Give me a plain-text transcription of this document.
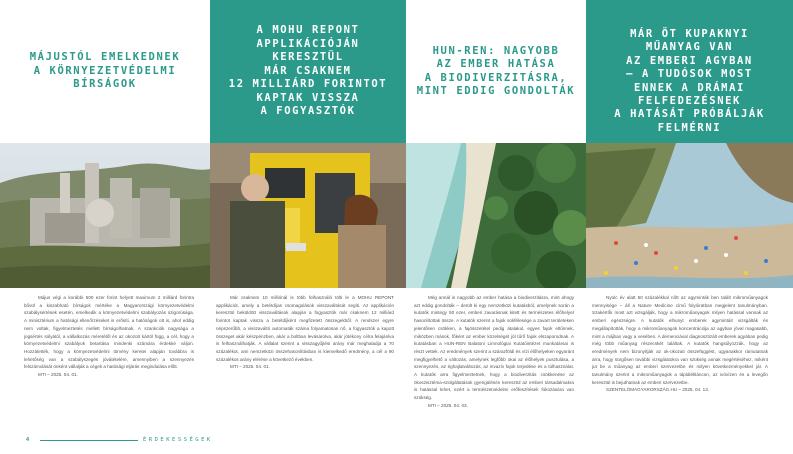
MÁJUSTÓL EMELKEDNEK
A KÖRNYEZETVÉDELMI
BÍRSÁGOK
A MOHU REPONT
APPLIKÁCIÓJÁN KERESZTÜL
MÁR CSAKNEM
12 MILLIÁRD FORINTOT
KAPTAK VISSZA
A FOGYASZTÓK
HUN-REN: NAGYOBB
AZ EMBER HATÁSA
A BIODIVERZITÁSRA,
MINT EDDIG GONDOLTÁK
MÁR ÖT KUPAKNYI
MŰANYAG VAN
AZ EMBERI AGYBAN
– A TUDÓSOK MOST
ENNEK A DRÁMAI
FELFEDEZÉSNEK
A HATÁSÁT PRÓBÁLJÁK
FELMÉRNI
D·T·K·H

Május végi a korábbi 500 ezer forint helyett maximum 2 milliárd forintra bővül a kiszabható bírságok mértéke a Magyarországi környezetvédelmi szabálysértések esetén, emelkedik a környezetvédelmi szabályozás szigorúsága. A minisztérium a hatósági ellenőrzéseket is erősíti, a hatóságok ott is, ahol eddig nem voltak, figyelmeztetés mellett bírságolhatnak. A szankciók nagysága a jogsértés súlyától, a vállalkozás méretétől és az okozott kártól függ, a cél, hogy a környezetvédelmi szabályok betartása mindenki számára érdekké váljon. Hozzátették, hogy a környezetvédelmi törvény keretei alapján továbbra is lehetőség van a szabályszegés jóvátételére, amennyiben a szennyezés felszámolását önként vállalják a cégek a hatósági eljárás megindulása előtt.

MTI – 2025. 04. 01.

Már csaknem 10 milliónál is több felhasználó tölti le a MOHU REPONT applikációt, amely a betétdíjas csomagolások visszaváltását segíti. Az applikáción keresztül beküldött visszaváltások alapján a fogyasztók már csaknem 12 milliárd forintot kaptak vissza a betétdíjként megfizetett összegekből. A rendszer egyre népszerűbb, a visszaváltó automaták száma folyamatosan nő, a fogyasztók a kapott összeget akár készpénzben, akár a boltban levásárolva, akár jótékony célra felajánlva is felhasználhatják. A vállalat szerint a visszagyűjtési arány már meghaladja a 70 százalékot, ami nemzetközi összehasonlításban is kiemelkedő eredmény, a cél a 90 százalékos arány elérése a következő években.

MTI – 2025. 04. 01.

Még annál is nagyobb az ember hatása a biodiverzitásra, mint ahogy azt eddig gondolták – derült ki egy nemzetközi kutatásból, amelynek során a kutatók mintegy 50 ezer, emberi zavarásnak kitett és természetes élőhelyet hasonlítottak össze. A kutatók szerint a fajok sokfélesége a zavart területeken jelentősen csökken, a fajösszetétel pedig átalakul, egyes fajok eltűnnek, miközben mások, főként az ember közelségét jól tűrő fajok elszaporodnak. A kutatásban a HUN-REN Balatoni Limnológiai Kutatóintézet munkatársai is részt vettek. Az eredmények szerint a szárazföldi és vízi élőhelyeken egyaránt megfigyelhető a változás, amelynek legfőbb okai az élőhelyek pusztulása, a szennyezés, az éghajlatváltozás, az invazív fajok terjedése és a túlhasználat. A kutatók arra figyelmeztetnek, hogy a biodiverzitás csökkenése az ökoszisztéma-szolgáltatások gyengülésén keresztül az emberi társadalmakra is hatással lehet, ezért a természetvédelmi erőfeszítések fokozására van szükség.

MTI – 2025. 04. 03.

Nyolc év alatt 50 százalékkal nőtt az agyminták ben talált mikroműanyagok mennyisége – áll a Nature Medicine című folyóiratban megjelent tanulmányban. Szakértők most azt vizsgálják, hogy a mikroműanyagok milyen hatással vannak az emberi egészségre. A kutatók elhunyt emberek agymintáit vizsgálták és megállapították, hogy a mikroműanyagok koncentrációja az agyban jóval magasabb, mint a májban vagy a vesében. A demenciával diagnosztizált emberek agyában pedig még több műanyag részecskét találtak. A kutatók hangsúlyozzák, hogy az eredmények nem bizonyítják az ok-okozati összefüggést, ugyanakkor rámutatnak arra, hogy sürgősen további vizsgálatokra van szükség annak megértéséhez, miként jut be a műanyag az emberi szervezetbe és milyen következményekkel jár. A tanulmány szerint a mikroműanyagok a táplálékláncon, az ivóvízen és a levegőn keresztül is bejuthatnak az emberi szervezetbe.

SZENTELÓMAGYARORSZÁG.HU – 2025. 04. 13.

4	ÉRDEKESSÉGEK
